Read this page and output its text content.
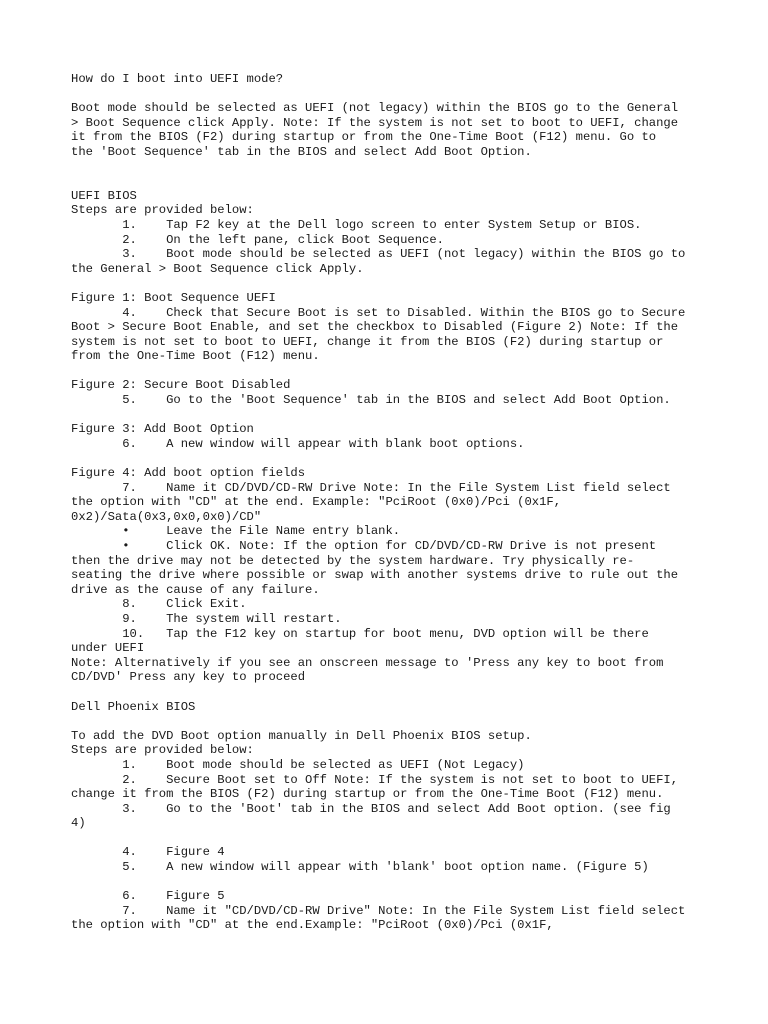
How do I boot into UEFI mode?
Boot mode should be selected as UEFI (not legacy) within the BIOS go to the General
> Boot Sequence click Apply. Note: If the system is not set to boot to UEFI, change
it from the BIOS (F2) during startup or from the One-Time Boot (F12) menu. Go to
the 'Boot Sequence' tab in the BIOS and select Add Boot Option.
UEFI BIOS
Steps are provided below:
1.    Tap F2 key at the Dell logo screen to enter System Setup or BIOS.
2.    On the left pane, click Boot Sequence.
3.    Boot mode should be selected as UEFI (not legacy) within the BIOS go to
the General > Boot Sequence click Apply.
Figure 1: Boot Sequence UEFI
4.    Check that Secure Boot is set to Disabled. Within the BIOS go to Secure
Boot > Secure Boot Enable, and set the checkbox to Disabled (Figure 2) Note: If the
system is not set to boot to UEFI, change it from the BIOS (F2) during startup or
from the One-Time Boot (F12) menu.
Figure 2: Secure Boot Disabled
5.    Go to the 'Boot Sequence' tab in the BIOS and select Add Boot Option.
Figure 3: Add Boot Option
6.    A new window will appear with blank boot options.
Figure 4: Add boot option fields
7.    Name it CD/DVD/CD-RW Drive Note: In the File System List field select
the option with "CD" at the end. Example: "PciRoot (0x0)/Pci (0x1F,
0x2)/Sata(0x3,0x0,0x0)/CD"
•     Leave the File Name entry blank.
•     Click OK. Note: If the option for CD/DVD/CD-RW Drive is not present
then the drive may not be detected by the system hardware. Try physically re-
seating the drive where possible or swap with another systems drive to rule out the
drive as the cause of any failure.
8.    Click Exit.
9.    The system will restart.
10.   Tap the F12 key on startup for boot menu, DVD option will be there
under UEFI
Note: Alternatively if you see an onscreen message to 'Press any key to boot from
CD/DVD' Press any key to proceed
Dell Phoenix BIOS
To add the DVD Boot option manually in Dell Phoenix BIOS setup.
Steps are provided below:
1.    Boot mode should be selected as UEFI (Not Legacy)
2.    Secure Boot set to Off Note: If the system is not set to boot to UEFI,
change it from the BIOS (F2) during startup or from the One-Time Boot (F12) menu.
3.    Go to the 'Boot' tab in the BIOS and select Add Boot option. (see fig
4)
4.    Figure 4
5.    A new window will appear with 'blank' boot option name. (Figure 5)
6.    Figure 5
7.    Name it "CD/DVD/CD-RW Drive" Note: In the File System List field select
the option with "CD" at the end.Example: "PciRoot (0x0)/Pci (0x1F,
